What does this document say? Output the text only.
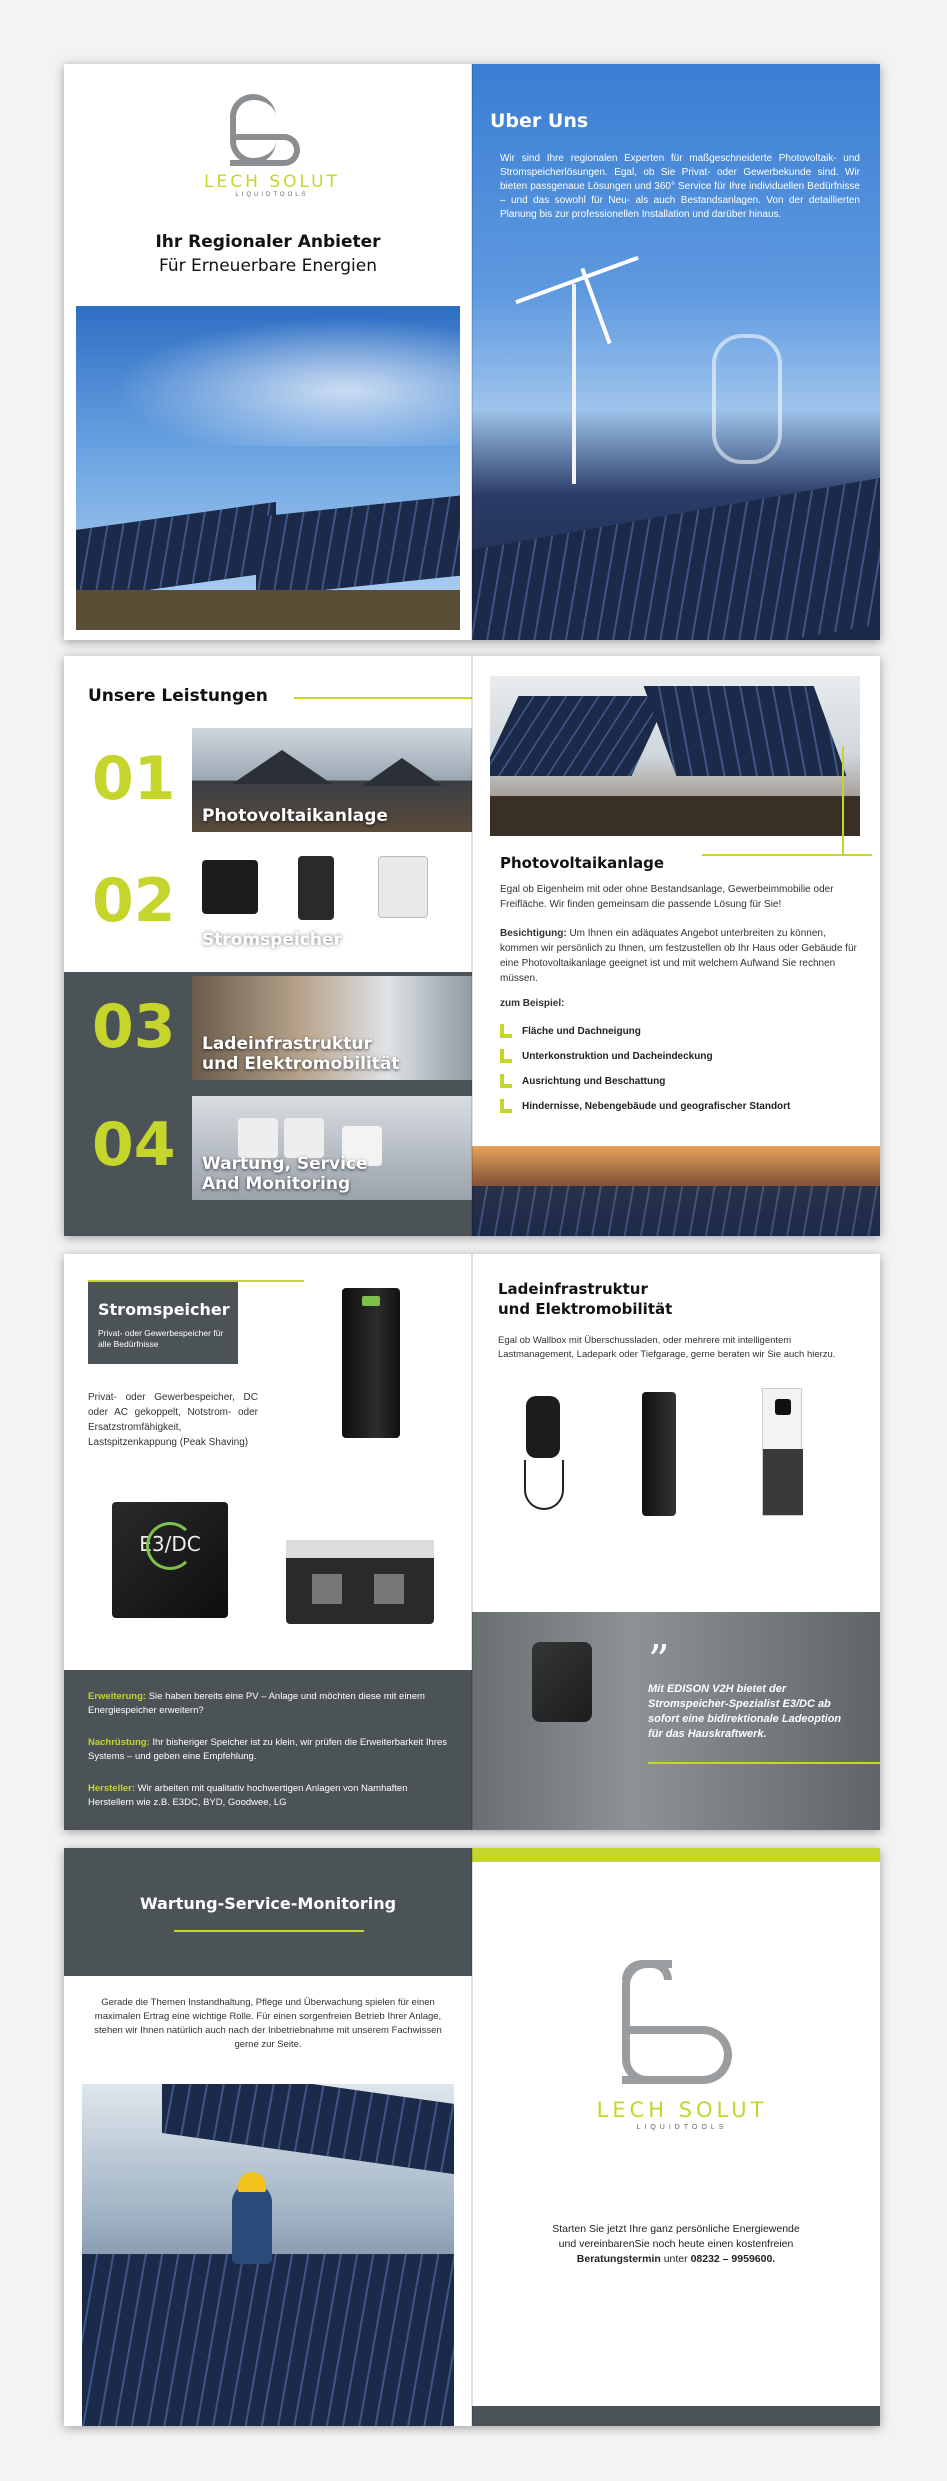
LECH SOLUT
LIQUIDTOOLS
Ihr Regionaler Anbieter
Für Erneuerbare Energien
Uber Uns

Wir sind Ihre regionalen Experten für maßgeschneiderte Photovoltaik- und Stromspeicherlösungen. Egal, ob Sie Privat- oder Gewerbekunde sind. Wir bieten passgenaue Lösungen und 360° Service für Ihre individuellen Bedürfnisse – und das sowohl für Neu- als auch Bestandsanlagen. Von der detaillierten Planung bis zur professionellen Installation und darüber hinaus.

Unsere Leistungen
01
Photovoltaikanlage
02
Stromspeicher
03 Ladeinfrastruktur und Elektromobilität
04 Wartung, Service And Monitoring
Photovoltaikanlage

Egal ob Eigenheim mit oder ohne Bestandsanlage, Gewerbeimmobilie oder Freifläche. Wir finden gemeinsam die passende Lösung für Sie!

Besichtigung: Um Ihnen ein adäquates Angebot unterbreiten zu können, kommen wir persönlich zu Ihnen, um festzustellen ob Ihr Haus oder Gebäude für eine Photovoltaikanlage geeignet ist und mit welchem Aufwand Sie rechnen müssen.

zum Beispiel:

Fläche und Dachneigung
Unterkonstruktion und Dacheindeckung
Ausrichtung und Beschattung
Hindernisse, Nebengebäude und geografischer Standort
Stromspeicher

Privat- oder Gewerbespeicher für alle Bedürfnisse

Privat- oder Gewerbespeicher, DC oder AC gekoppelt, Notstrom- oder Ersatzstromfähigkeit, Lastspitzenkappung (Peak Shaving)

E3/DC

Erweiterung: Sie haben bereits eine PV – Anlage und möchten diese mit einem Energiespeicher erweitern?

Nachrüstung: Ihr bisheriger Speicher ist zu klein, wir prüfen die Erweiterbarkeit Ihres Systems – und geben eine Empfehlung.

Hersteller: Wir arbeiten mit qualitativ hochwertigen Anlagen von Namhaften Herstellern wie z.B. E3DC, BYD, Goodwee, LG

Ladeinfrastruktur
und Elektromobilität

Egal ob Wallbox mit Überschussladen, oder mehrere mit intelligentem Lastmanagement, Ladepark oder Tiefgarage, gerne beraten wir Sie auch hierzu.

”

Mit EDISON V2H bietet der Stromspeicher-Spezialist E3/DC ab sofort eine bidirektionale Ladeoption für das Hauskraftwerk.

Wartung-Service-Monitoring

Gerade die Themen Instandhaltung, Pflege und Überwachung spielen für einen maximalen Ertrag eine wichtige Rolle. Für einen sorgenfreien Betrieb Ihrer Anlage, stehen wir Ihnen natürlich auch nach der Inbetriebnahme mit unserem Fachwissen gerne zur Seite.

LECH SOLUT
LIQUIDTOOLS

Starten Sie jetzt Ihre ganz persönliche Energiewende
und vereinbarenSie noch heute einen kostenfreien
Beratungstermin unter 08232 – 9959600.
